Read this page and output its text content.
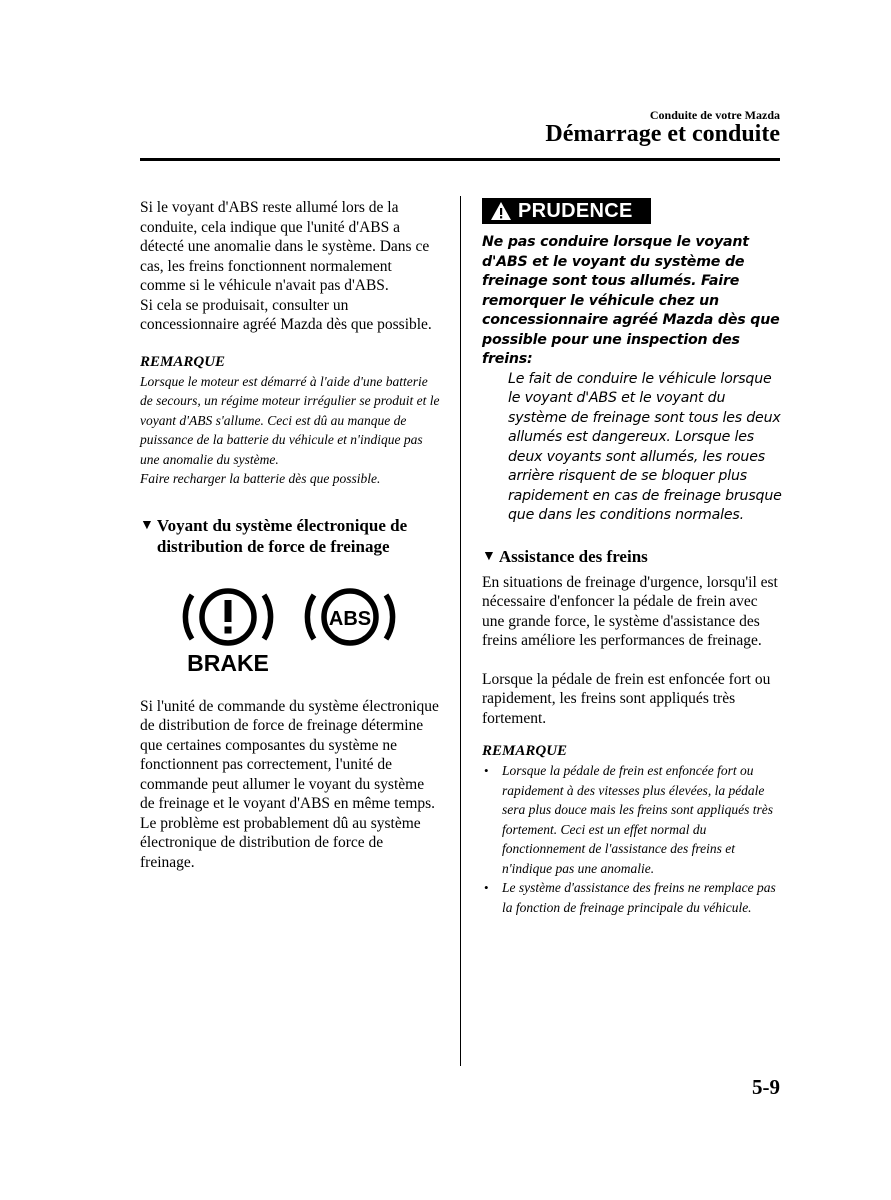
Conduite de votre Mazda
Démarrage et conduite

Si le voyant d'ABS reste allumé lors de la conduite, cela indique que l'unité d'ABS a détecté une anomalie dans le système. Dans ce cas, les freins fonctionnent normalement comme si le véhicule n'avait pas d'ABS.

Si cela se produisait, consulter un concessionnaire agréé Mazda dès que possible.

REMARQUE

Lorsque le moteur est démarré à l'aide d'une batterie de secours, un régime moteur irrégulier se produit et le voyant d'ABS s'allume. Ceci est dû au manque de puissance de la batterie du véhicule et n'indique pas une anomalie du système.

Faire recharger la batterie dès que possible.

▼ Voyant du système électronique de distribution de force de freinage
BRAKE
ABS

Si l'unité de commande du système électronique de distribution de force de freinage détermine que certaines composantes du système ne fonctionnent pas correctement, l'unité de commande peut allumer le voyant du système de freinage et le voyant d'ABS en même temps. Le problème est probablement dû au système électronique de distribution de force de freinage.

PRUDENCE

Ne pas conduire lorsque le voyant d'ABS et le voyant du système de freinage sont tous allumés. Faire remorquer le véhicule chez un concessionnaire agréé Mazda dès que possible pour une inspection des freins:

Le fait de conduire le véhicule lorsque le voyant d'ABS et le voyant du système de freinage sont tous les deux allumés est dangereux. Lorsque les deux voyants sont allumés, les roues arrière risquent de se bloquer plus rapidement en cas de freinage brusque que dans les conditions normales.

▼ Assistance des freins

En situations de freinage d'urgence, lorsqu'il est nécessaire d'enfoncer la pédale de frein avec une grande force, le système d'assistance des freins améliore les performances de freinage.

Lorsque la pédale de frein est enfoncée fort ou rapidement, les freins sont appliqués très fortement.

REMARQUE

• Lorsque la pédale de frein est enfoncée fort ou rapidement à des vitesses plus élevées, la pédale sera plus douce mais les freins sont appliqués très fortement. Ceci est un effet normal du fonctionnement de l'assistance des freins et n'indique pas une anomalie.
• Le système d'assistance des freins ne remplace pas la fonction de freinage principale du véhicule.
5-9
